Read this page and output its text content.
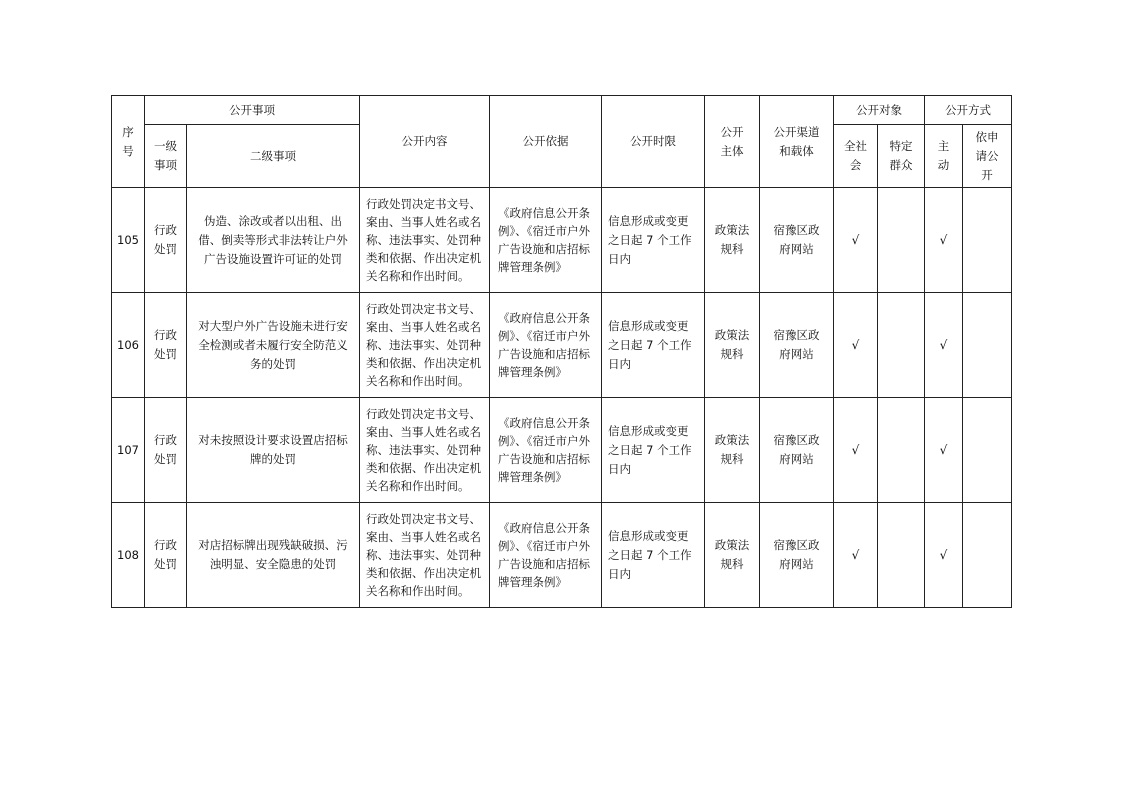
序号	公开事项		公开内容	公开依据	公开时限	公开主体	公开渠道和载体	公开对象		公开方式	
	一级事项	二级事项						全社会	特定群众	主动	依申请公开
105	行政处罚	伪造、涂改或者以出租、出借、倒卖等形式非法转让户外广告设施设置许可证的处罚	行政处罚决定书文号、案由、当事人姓名或名称、违法事实、处罚种类和依据、作出决定机关名称和作出时间。	《政府信息公开条例》、《宿迁市户外广告设施和店招标牌管理条例》	信息形成或变更之日起 7 个工作日内	政策法规科	宿豫区政府网站	√		√	
106	行政处罚	对大型户外广告设施未进行安全检测或者未履行安全防范义务的处罚	行政处罚决定书文号、案由、当事人姓名或名称、违法事实、处罚种类和依据、作出决定机关名称和作出时间。	《政府信息公开条例》、《宿迁市户外广告设施和店招标牌管理条例》	信息形成或变更之日起 7 个工作日内	政策法规科	宿豫区政府网站	√		√	
107	行政处罚	对未按照设计要求设置店招标牌的处罚	行政处罚决定书文号、案由、当事人姓名或名称、违法事实、处罚种类和依据、作出决定机关名称和作出时间。	《政府信息公开条例》、《宿迁市户外广告设施和店招标牌管理条例》	信息形成或变更之日起 7 个工作日内	政策法规科	宿豫区政府网站	√		√	
108	行政处罚	对店招标牌出现残缺破损、污浊明显、安全隐患的处罚	行政处罚决定书文号、案由、当事人姓名或名称、违法事实、处罚种类和依据、作出决定机关名称和作出时间。	《政府信息公开条例》、《宿迁市户外广告设施和店招标牌管理条例》	信息形成或变更之日起 7 个工作日内	政策法规科	宿豫区政府网站	√		√	
